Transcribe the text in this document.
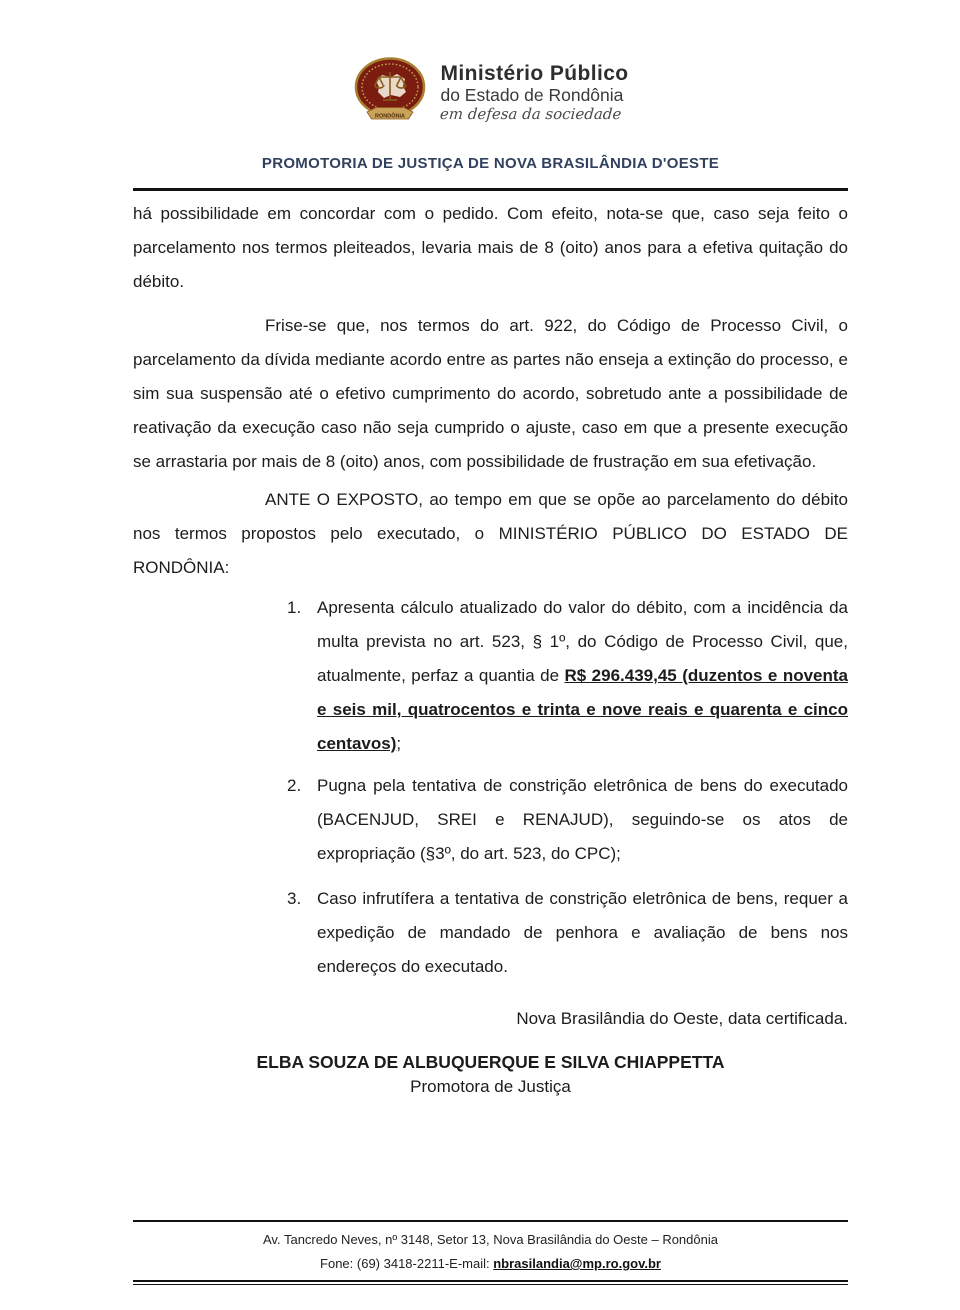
RONDÔNIA
Ministério Público
do Estado de Rondônia
em defesa da sociedade
PROMOTORIA DE JUSTIÇA DE NOVA BRASILÂNDIA D'OESTE

há possibilidade em concordar com o pedido. Com efeito, nota-se que, caso seja feito o parcelamento nos termos pleiteados, levaria mais de 8 (oito) anos para a efetiva quitação do débito.

Frise-se que, nos termos do art. 922, do Código de Processo Civil, o parcelamento da dívida mediante acordo entre as partes não enseja a extinção do processo, e sim sua suspensão até o efetivo cumprimento do acordo, sobretudo ante a possibilidade de reativação da execução caso não seja cumprido o ajuste, caso em que a presente execução se arrastaria por mais de 8 (oito) anos, com possibilidade de frustração em sua efetivação.

ANTE O EXPOSTO, ao tempo em que se opõe ao parcelamento do débito nos termos propostos pelo executado, o MINISTÉRIO PÚBLICO DO ESTADO DE RONDÔNIA:

1. Apresenta cálculo atualizado do valor do débito, com a incidência da multa prevista no art. 523, § 1º, do Código de Processo Civil, que, atualmente, perfaz a quantia de R$ 296.439,45 (duzentos e noventa e seis mil, quatrocentos e trinta e nove reais e quarenta e cinco centavos);
2. Pugna pela tentativa de constrição eletrônica de bens do executado (BACENJUD, SREI e RENAJUD), seguindo-se os atos de expropriação (§3º, do art. 523, do CPC);
3. Caso infrutífera a tentativa de constrição eletrônica de bens, requer a expedição de mandado de penhora e avaliação de bens nos endereços do executado.

Nova Brasilândia do Oeste, data certificada.

ELBA SOUZA DE ALBUQUERQUE E SILVA CHIAPPETTA
Promotora de Justiça
Av. Tancredo Neves, nº 3148, Setor 13, Nova Brasilândia do Oeste – Rondônia
Fone: (69) 3418-2211-E-mail: nbrasilandia@mp.ro.gov.br
